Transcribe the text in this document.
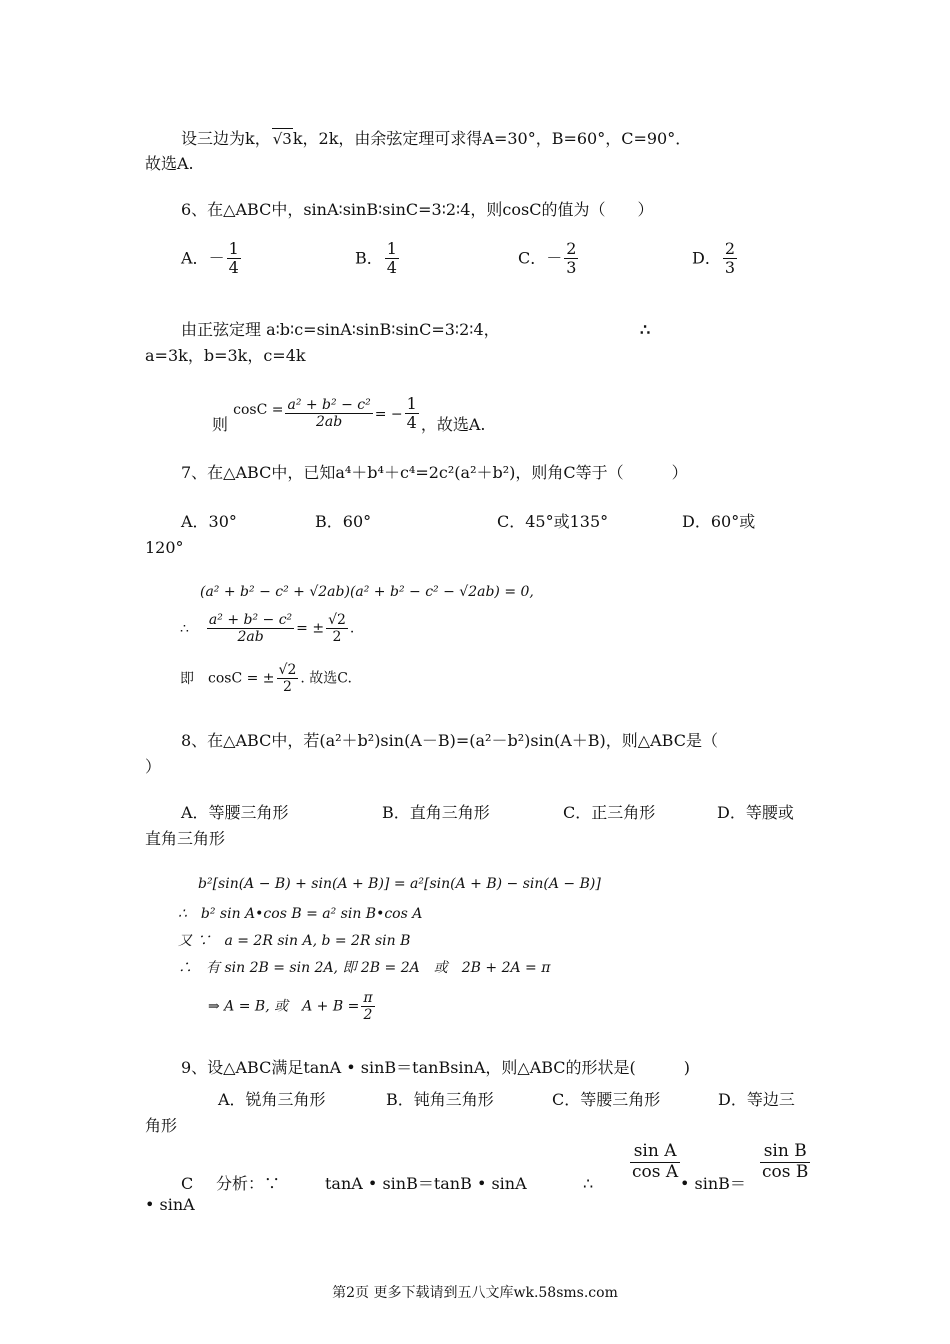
设三边为k， √3k，2k，由余弦定理可求得A=30°，B=60°，C=90°．
故选A.
6、在△ABC中，sinA∶sinB∶sinC=3∶2∶4，则cosC的值为（　　）
A．－ $\frac{1}{4}$	B． $\frac{1}{4}$	C．－ $\frac{2}{3}$	D． $\frac{2}{3}$
由正弦定理 a∶b∶c=sinA∶sinB∶sinC=3∶2∶4，	∴
a=3k，b=3k，c=4k
则 $\cos C = \frac{\text{a² + b² − c²}}{2ab}$ = − $\frac{1}{4}$ ，故选A.
7、在△ABC中，已知a⁴＋b⁴＋c⁴=2c²(a²＋b²)，则角C等于（　　　）
A．30°	B．60°	C．45°或135°	D．60°或
120°
(a² + b² − c² + √2ab)(a² + b² − c² − √2ab) = 0,
∴ $\frac{\text{a² + b² − c²}}{2ab}$ = ± $\frac{√2}{2}$ .
即 cosC = ± $\frac{√2}{2}$ . 故选C.
8、在△ABC中，若(a²＋b²)sin(A－B)=(a²－b²)sin(A＋B)，则△ABC是（
）
A．等腰三角形	B．直角三角形	C．正三角形	D．等腰或
直角三角形
b²[sin(A − B) + sin(A + B)] = a²[sin(A + B) − sin(A − B)]
∴　b² sin A•cos B = a² sin B•cos A
又 ∵　a = 2R sin A, b = 2R sin B
∴　有 sin 2B = sin 2A, 即 2B = 2A　或　2B + 2A = π
⇒ A = B, 或　$A + B = \frac{\pi}{2}$
9、设△ABC满足tanA • sinB＝tanBsinA，则△ABC的形状是(　　　)
A．锐角三角形	B．钝角三角形	C．等腰三角形	D．等边三
角形
C 分析：∵	tanA • sinB＝tanB • sinA	∴
$\frac{\text{sin A}}{\text{cos A}}$
• sinB＝
$\frac{\text{sin B}}{\text{cos B}}$
• sinA
第2页 更多下载请到五八文库wk.58sms.com
